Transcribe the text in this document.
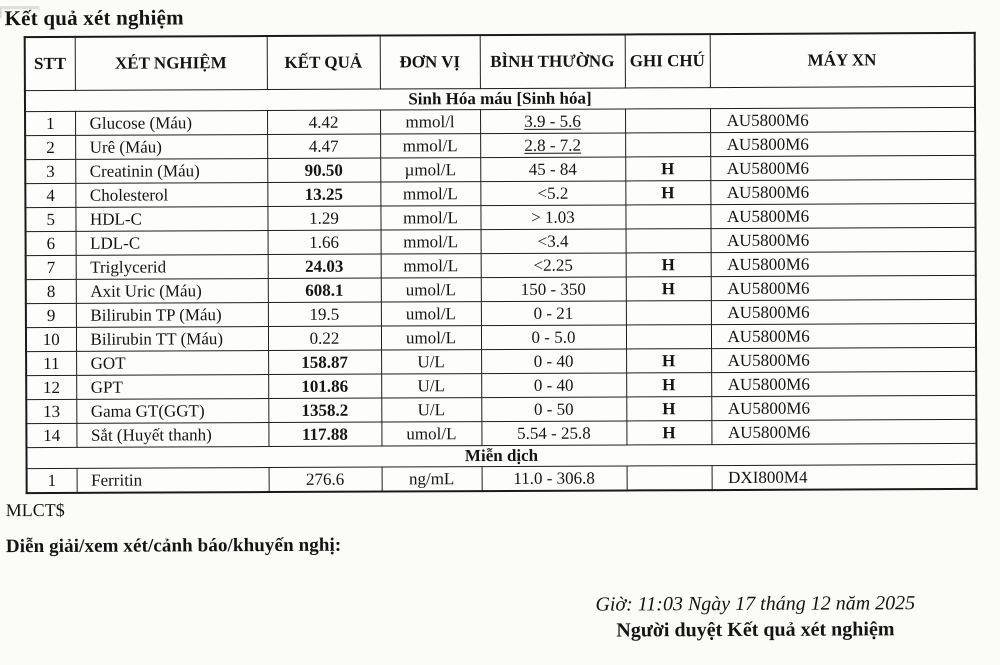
Kết quả xét nghiệm
STT	XÉT NGHIỆM	KẾT QUẢ	ĐƠN VỊ	BÌNH THƯỜNG	GHI CHÚ	MÁY XN
Sinh Hóa máu [Sinh hóa]						
1	Glucose (Máu)	4.42	mmol/l	3.9 - 5.6		AU5800M6
2	Urê (Máu)	4.47	mmol/L	2.8 - 7.2		AU5800M6
3	Creatinin (Máu)	90.50	µmol/L	45 - 84	H	AU5800M6
4	Cholesterol	13.25	mmol/L	<5.2	H	AU5800M6
5	HDL-C	1.29	mmol/L	> 1.03		AU5800M6
6	LDL-C	1.66	mmol/L	<3.4		AU5800M6
7	Triglycerid	24.03	mmol/L	<2.25	H	AU5800M6
8	Axit Uric (Máu)	608.1	umol/L	150 - 350	H	AU5800M6
9	Bilirubin TP (Máu)	19.5	umol/L	0 - 21		AU5800M6
10	Bilirubin TT (Máu)	0.22	umol/L	0 - 5.0		AU5800M6
11	GOT	158.87	U/L	0 - 40	H	AU5800M6
12	GPT	101.86	U/L	0 - 40	H	AU5800M6
13	Gama GT(GGT)	1358.2	U/L	0 - 50	H	AU5800M6
14	Sắt (Huyết thanh)	117.88	umol/L	5.54 - 25.8	H	AU5800M6
Miễn dịch						
1	Ferritin	276.6	ng/mL	11.0 - 306.8		DXI800M4
MLCT$
Diễn giải/xem xét/cảnh báo/khuyến nghị:
Giờ: 11:03 Ngày 17 tháng 12 năm 2025
Người duyệt Kết quả xét nghiệm
